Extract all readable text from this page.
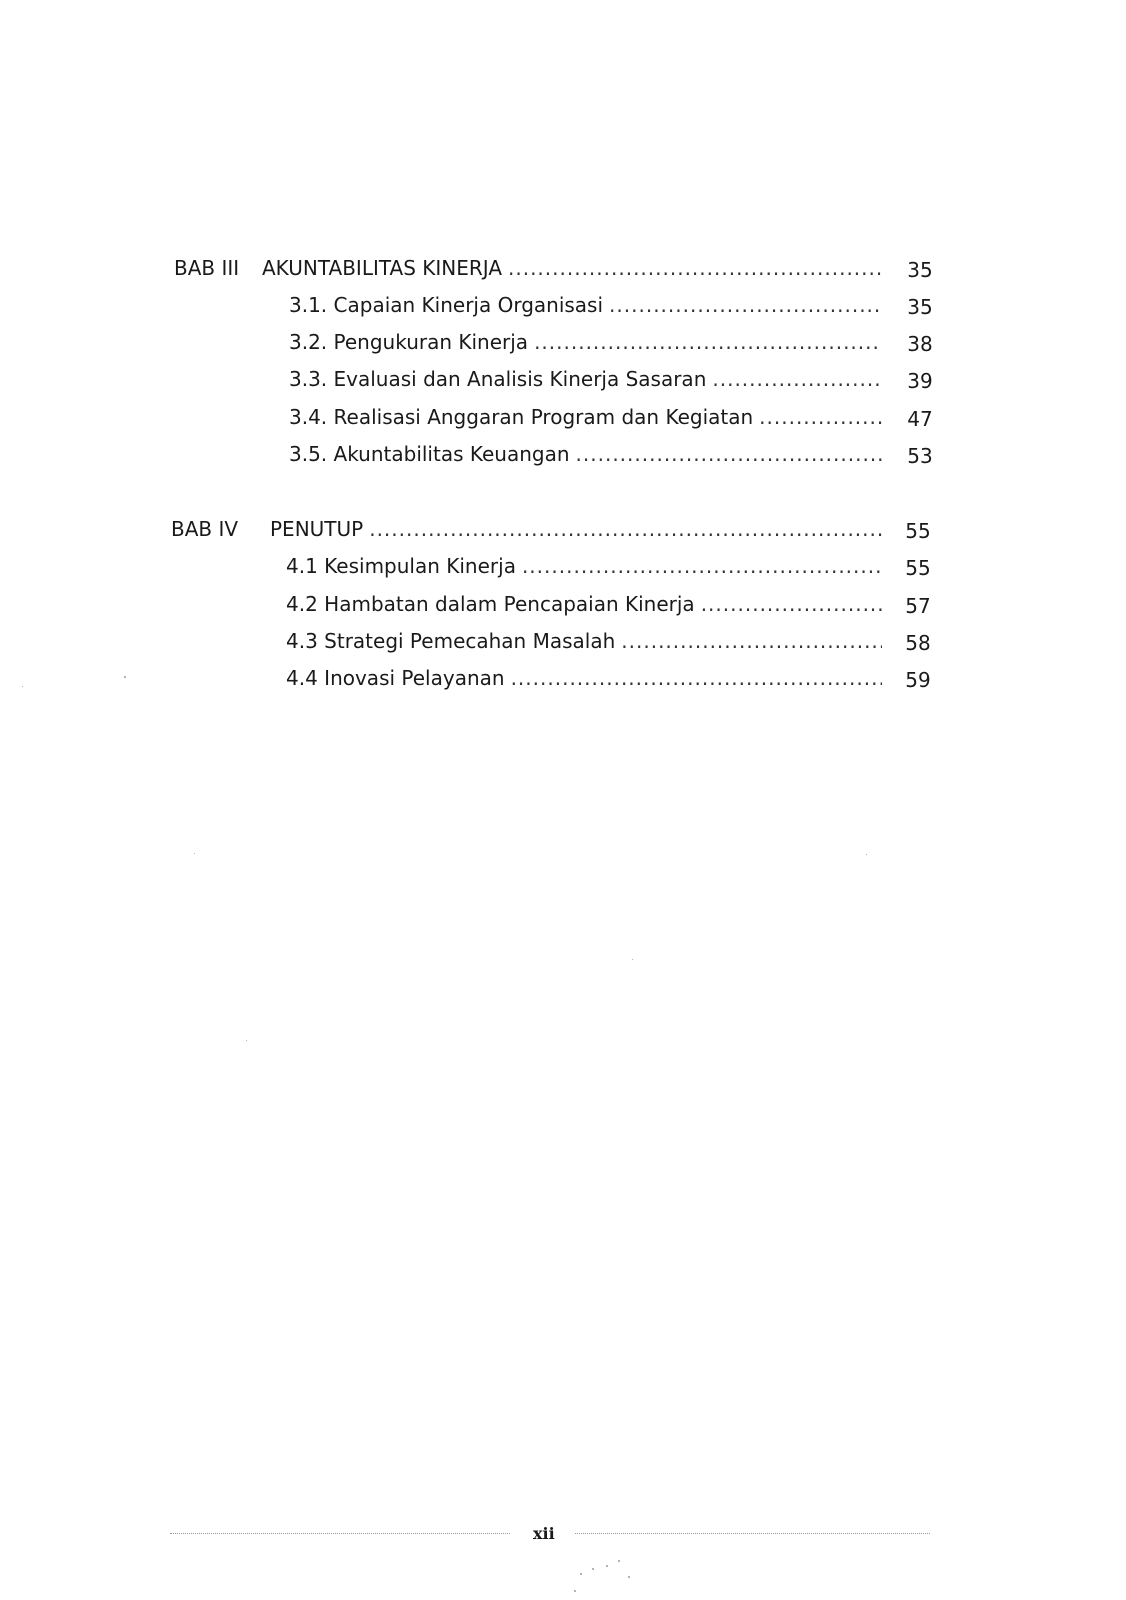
BAB III AKUNTABILITAS KINERJA .....	35
3.1. Capaian Kinerja Organisasi .....	35
3.2. Pengukuran Kinerja .....	38
3.3. Evaluasi dan Analisis Kinerja Sasaran .....	39
3.4. Realisasi Anggaran Program dan Kegiatan .....	47
3.5. Akuntabilitas Keuangan .....	53
BAB IV PENUTUP .....	55
4.1 Kesimpulan Kinerja .....	55
4.2 Hambatan dalam Pencapaian Kinerja .....	57
4.3 Strategi Pemecahan Masalah .....	58
4.4 Inovasi Pelayanan .....	59
xii
